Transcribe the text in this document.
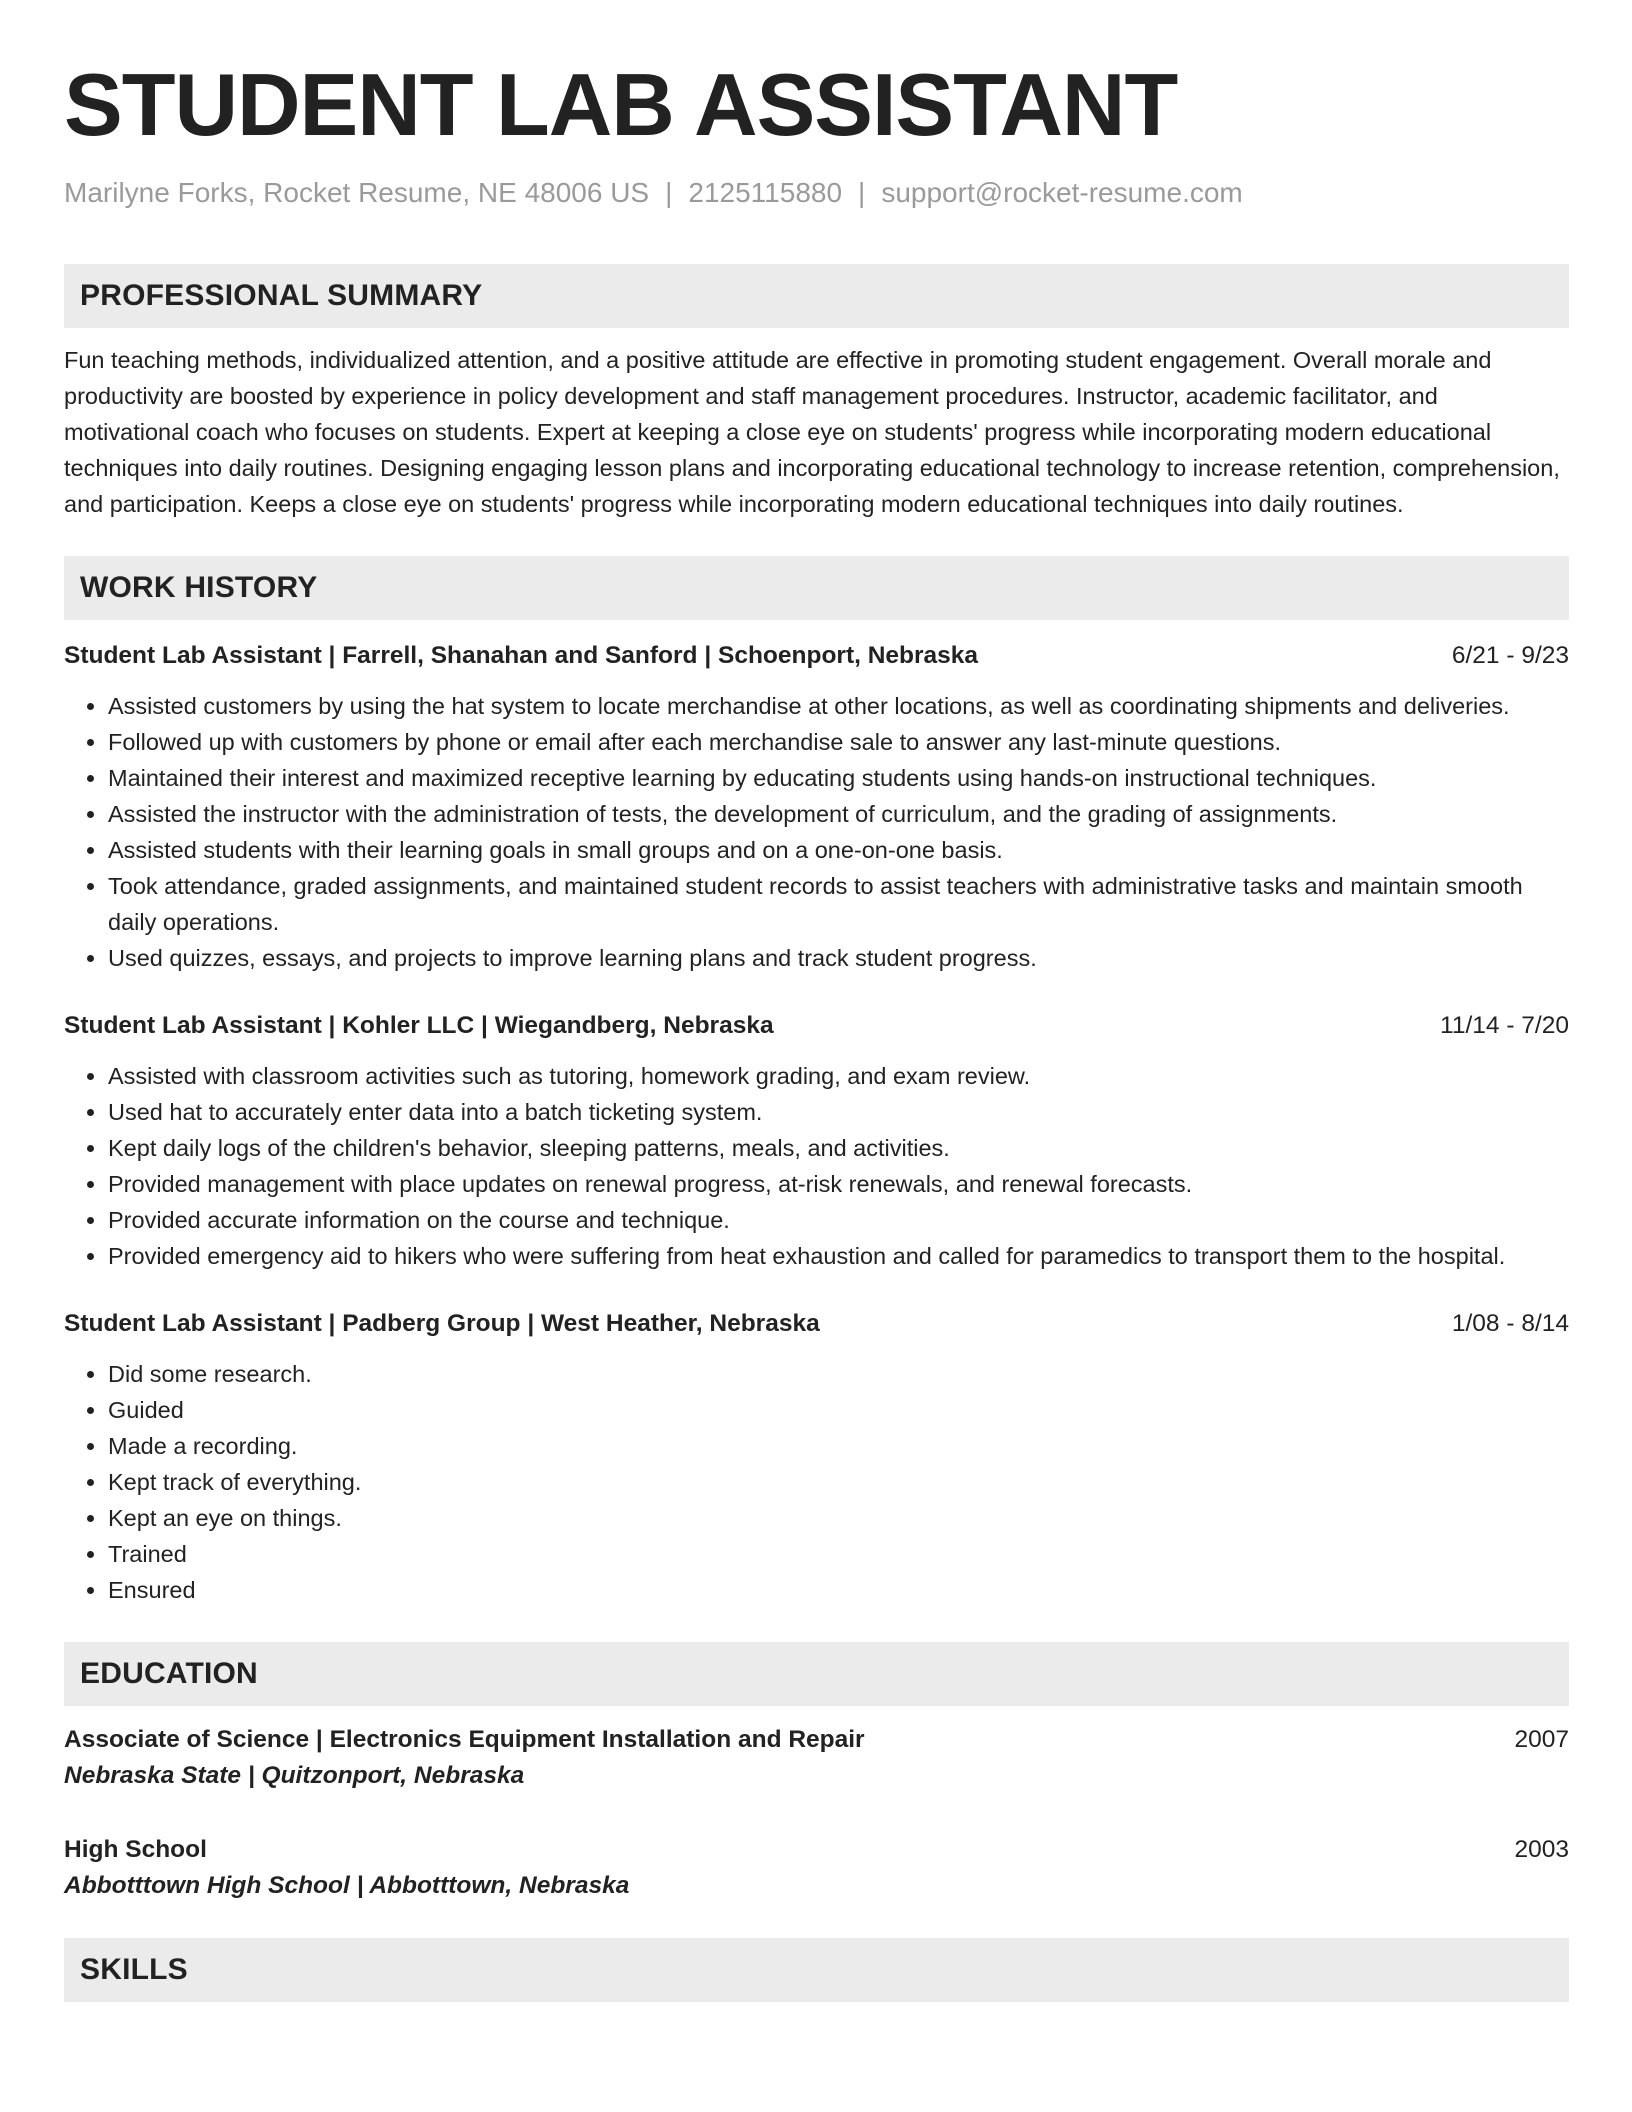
STUDENT LAB ASSISTANT
Marilyne Forks, Rocket Resume, NE 48006 US | 2125115880 | support@rocket-resume.com
PROFESSIONAL SUMMARY
Fun teaching methods, individualized attention, and a positive attitude are effective in promoting student engagement. Overall morale and productivity are boosted by experience in policy development and staff management procedures. Instructor, academic facilitator, and motivational coach who focuses on students. Expert at keeping a close eye on students' progress while incorporating modern educational techniques into daily routines. Designing engaging lesson plans and incorporating educational technology to increase retention, comprehension, and participation. Keeps a close eye on students' progress while incorporating modern educational techniques into daily routines.
WORK HISTORY
Student Lab Assistant | Farrell, Shanahan and Sanford | Schoenport, Nebraska	6/21 - 9/23
• Assisted customers by using the hat system to locate merchandise at other locations, as well as coordinating shipments and deliveries.
• Followed up with customers by phone or email after each merchandise sale to answer any last-minute questions.
• Maintained their interest and maximized receptive learning by educating students using hands-on instructional techniques.
• Assisted the instructor with the administration of tests, the development of curriculum, and the grading of assignments.
• Assisted students with their learning goals in small groups and on a one-on-one basis.
• Took attendance, graded assignments, and maintained student records to assist teachers with administrative tasks and maintain smooth daily operations.
• Used quizzes, essays, and projects to improve learning plans and track student progress.
Student Lab Assistant | Kohler LLC | Wiegandberg, Nebraska	11/14 - 7/20
• Assisted with classroom activities such as tutoring, homework grading, and exam review.
• Used hat to accurately enter data into a batch ticketing system.
• Kept daily logs of the children's behavior, sleeping patterns, meals, and activities.
• Provided management with place updates on renewal progress, at-risk renewals, and renewal forecasts.
• Provided accurate information on the course and technique.
• Provided emergency aid to hikers who were suffering from heat exhaustion and called for paramedics to transport them to the hospital.
Student Lab Assistant | Padberg Group | West Heather, Nebraska	1/08 - 8/14
• Did some research.
• Guided
• Made a recording.
• Kept track of everything.
• Kept an eye on things.
• Trained
• Ensured
EDUCATION
Associate of Science | Electronics Equipment Installation and Repair	2007
Nebraska State | Quitzonport, Nebraska
High School	2003
Abbotttown High School | Abbotttown, Nebraska
SKILLS
